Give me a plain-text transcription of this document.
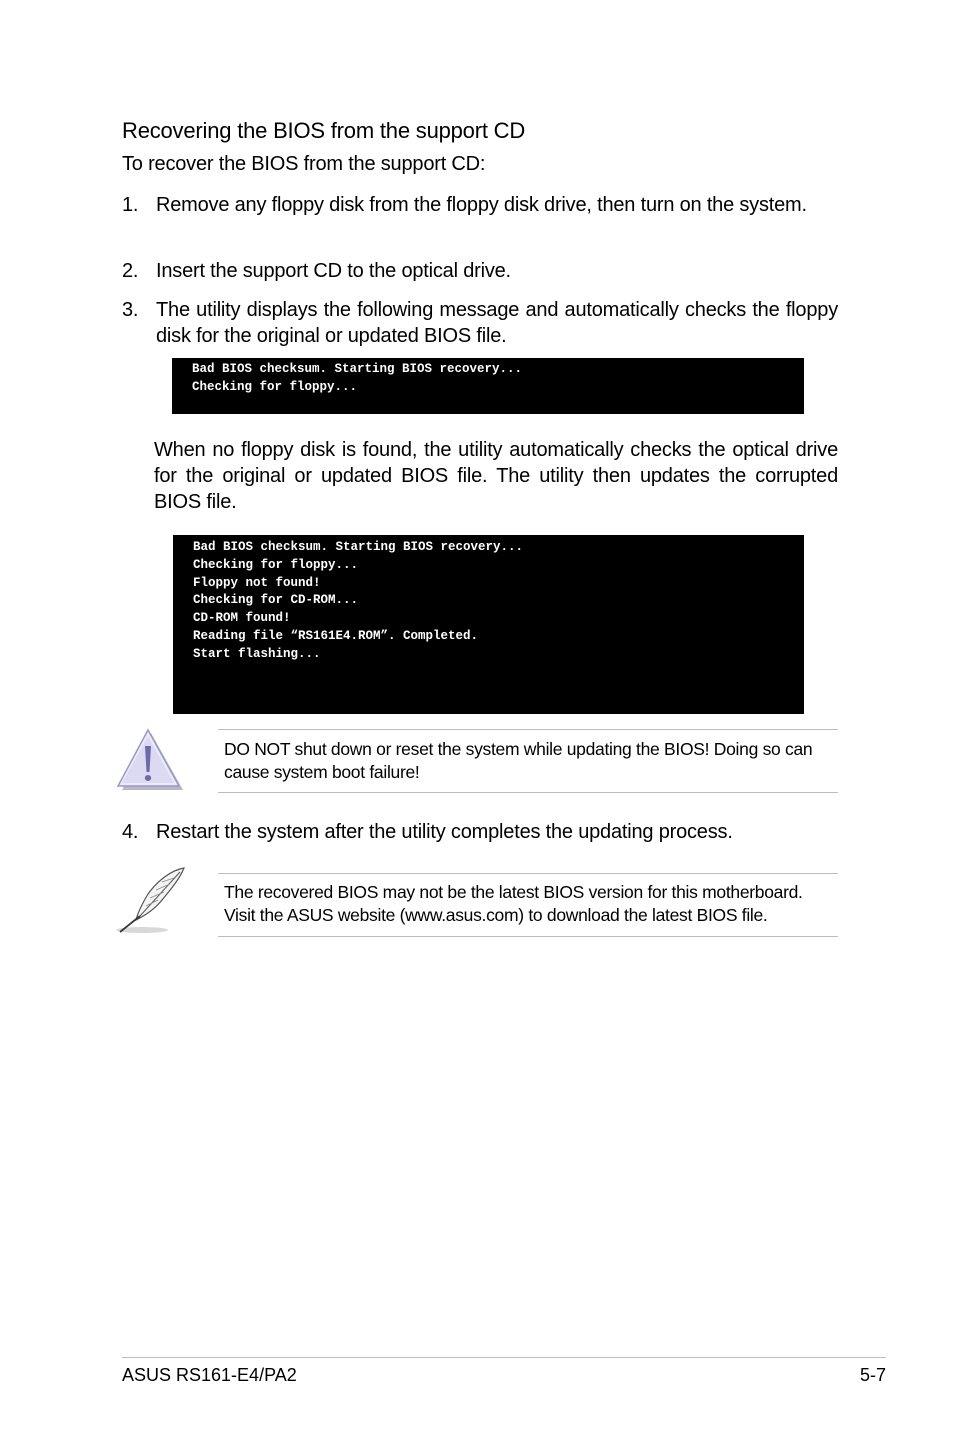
Recovering the BIOS from the support CD
To recover the BIOS from the support CD:
1. Remove any floppy disk from the floppy disk drive, then turn on the system.
2. Insert the support CD to the optical drive.
3. The utility displays the following message and automatically checks the floppy disk for the original or updated BIOS file.
Bad BIOS checksum. Starting BIOS recovery...
Checking for floppy...
When no floppy disk is found, the utility automatically checks the optical drive for the original or updated BIOS file. The utility then updates the corrupted BIOS file.
Bad BIOS checksum. Starting BIOS recovery...
Checking for floppy...
Floppy not found!
Checking for CD-ROM...
CD-ROM found!
Reading file “RS161E4.ROM”. Completed.
Start flashing...
DO NOT shut down or reset the system while updating the BIOS! Doing so can cause system boot failure!
4. Restart the system after the utility completes the updating process.
The recovered BIOS may not be the latest BIOS version for this motherboard. Visit the ASUS website (www.asus.com) to download the latest BIOS file.
ASUS RS161-E4/PA2	5-7
